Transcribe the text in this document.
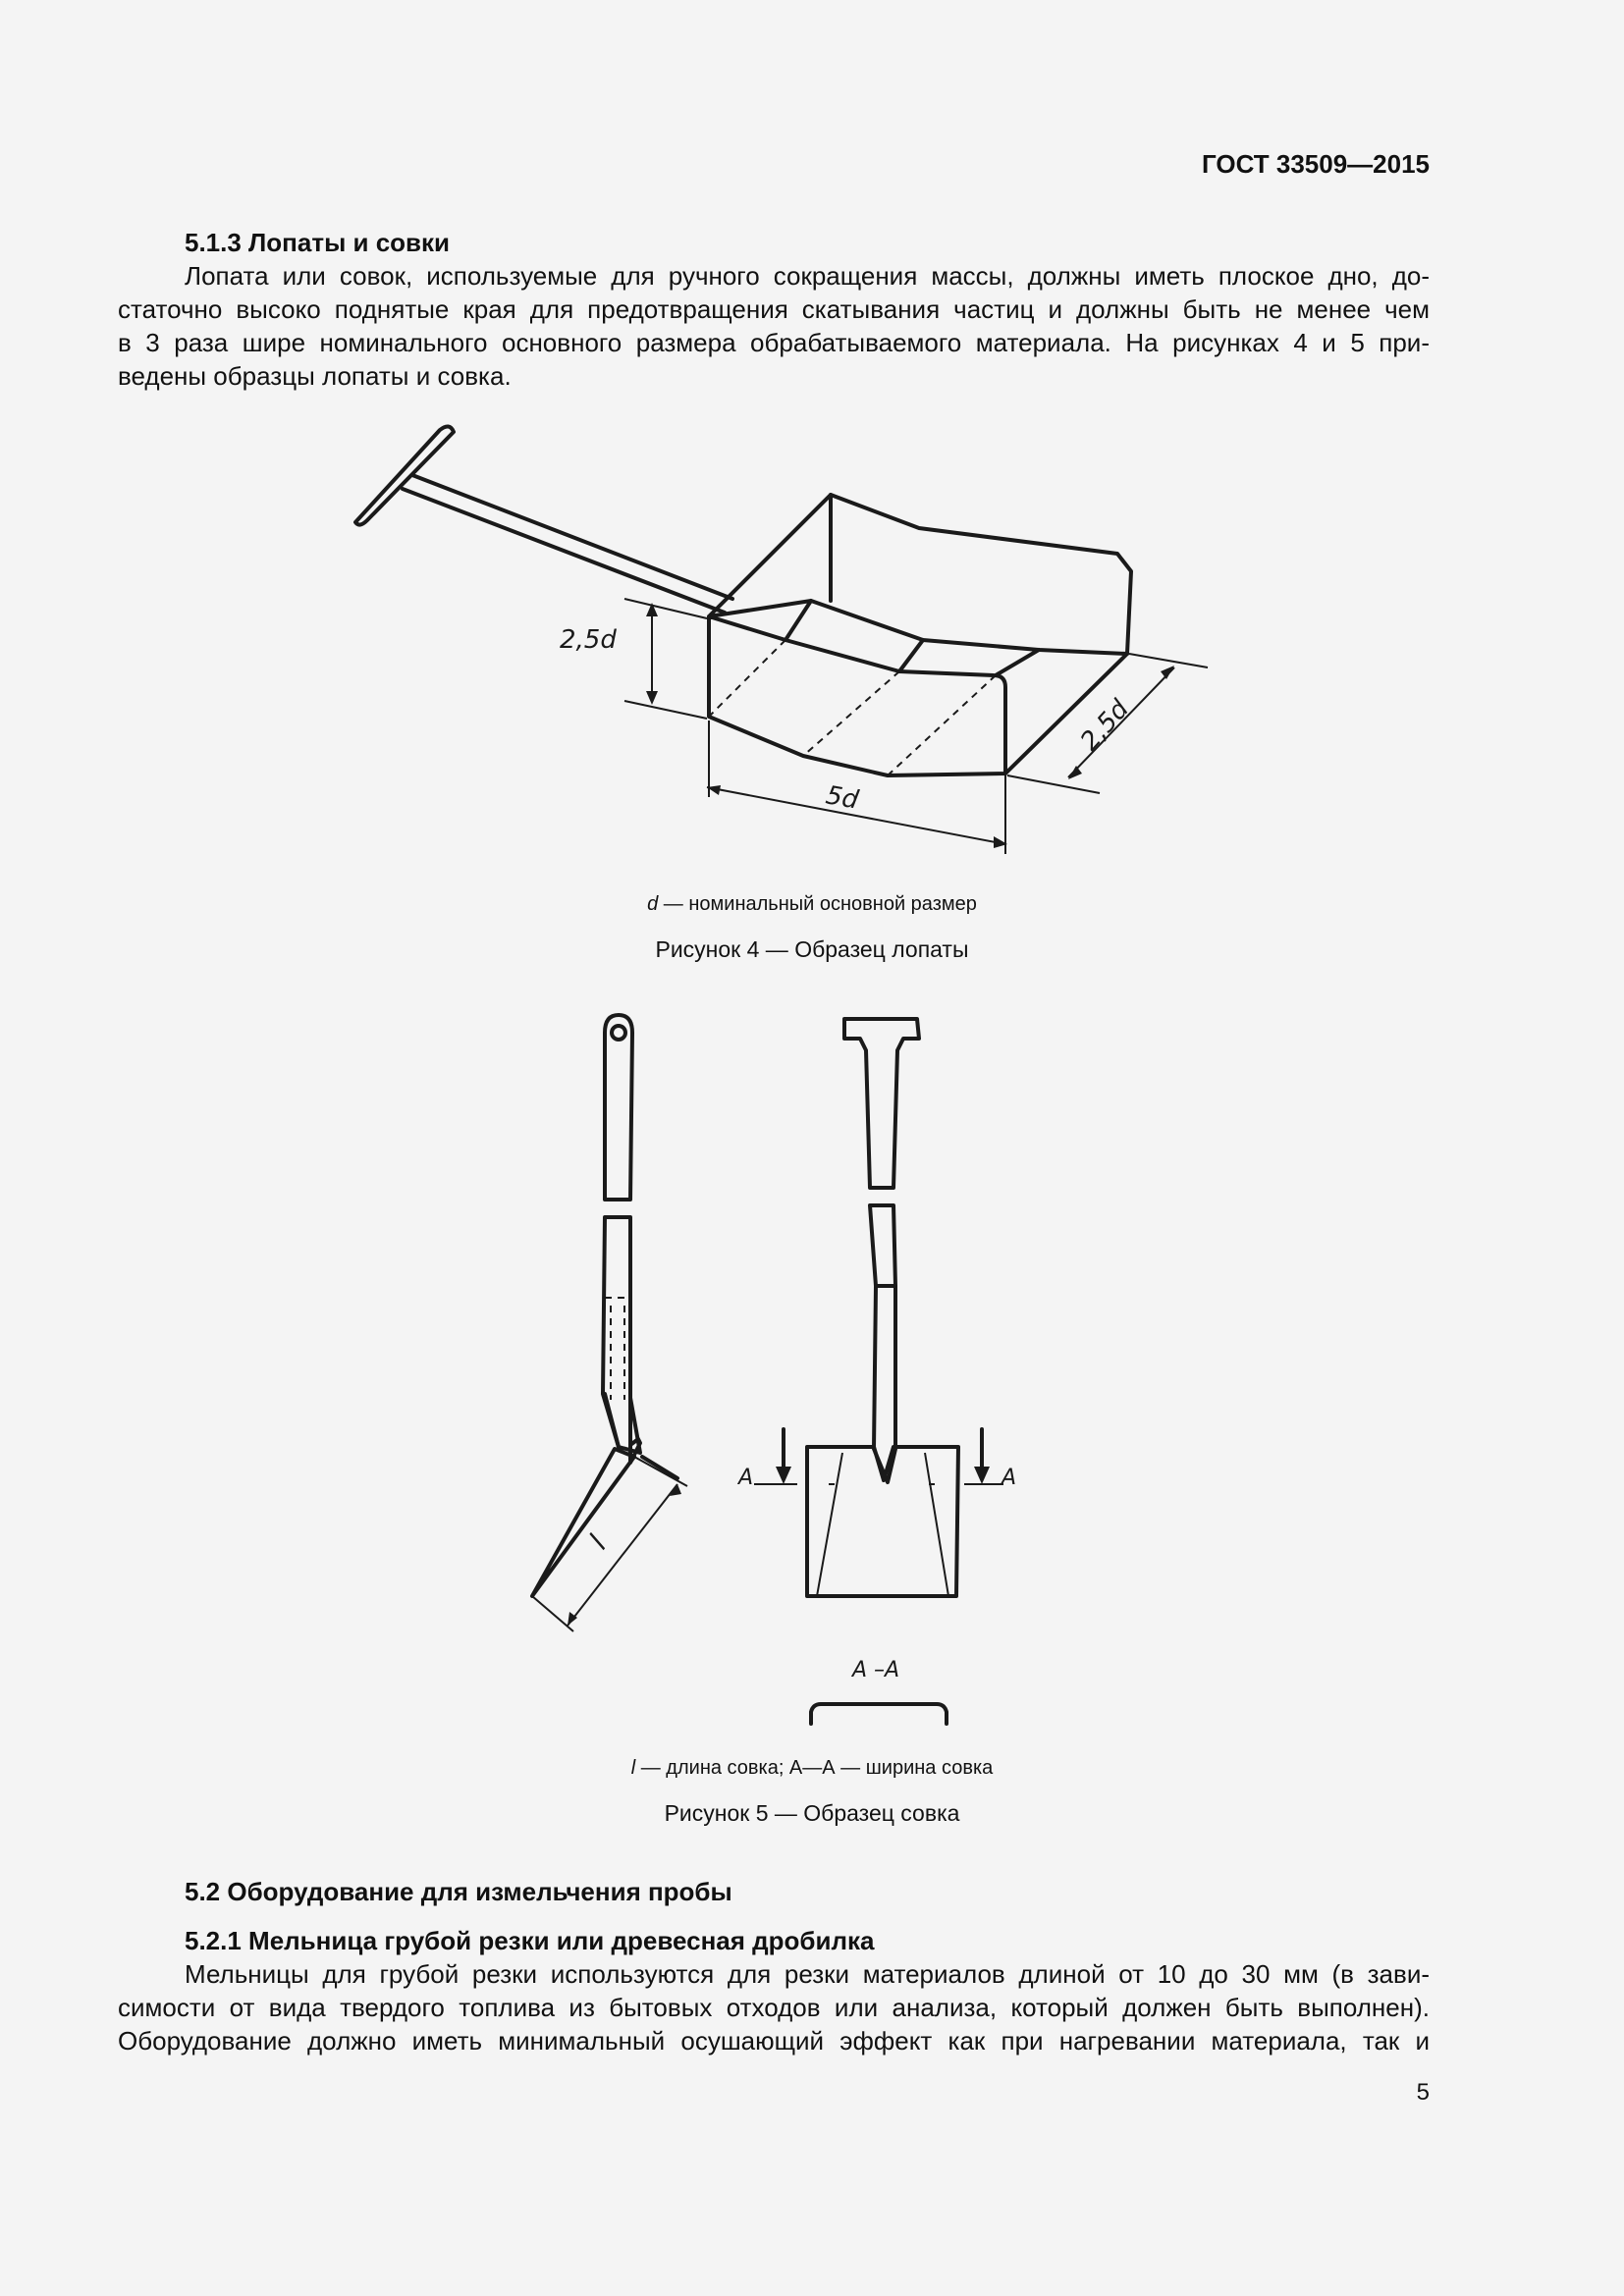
ГОСТ 33509—2015
5.1.3 Лопаты и совки
Лопата или совок, используемые для ручного сокращения массы, должны иметь плоское дно, до-
статочно высоко поднятые края для предотвращения скатывания частиц и должны быть не менее чем
в 3 раза шире номинального основного размера обрабатываемого материала. На рисунках 4 и 5 при-
ведены образцы лопаты и совка.
2,5d
2,5d
5d
d — номинальный основной размер
Рисунок 4 — Образец лопаты
l
А	А
А –А
l — длина совка; А—А — ширина совка
Рисунок 5 — Образец совка
5.2 Оборудование для измельчения пробы
5.2.1 Мельница грубой резки или древесная дробилка
Мельницы для грубой резки используются для резки материалов длиной от 10 до 30 мм (в зави-
симости от вида твердого топлива из бытовых отходов или анализа, который должен быть выполнен).
Оборудование должно иметь минимальный осушающий эффект как при нагревании материала, так и
5
